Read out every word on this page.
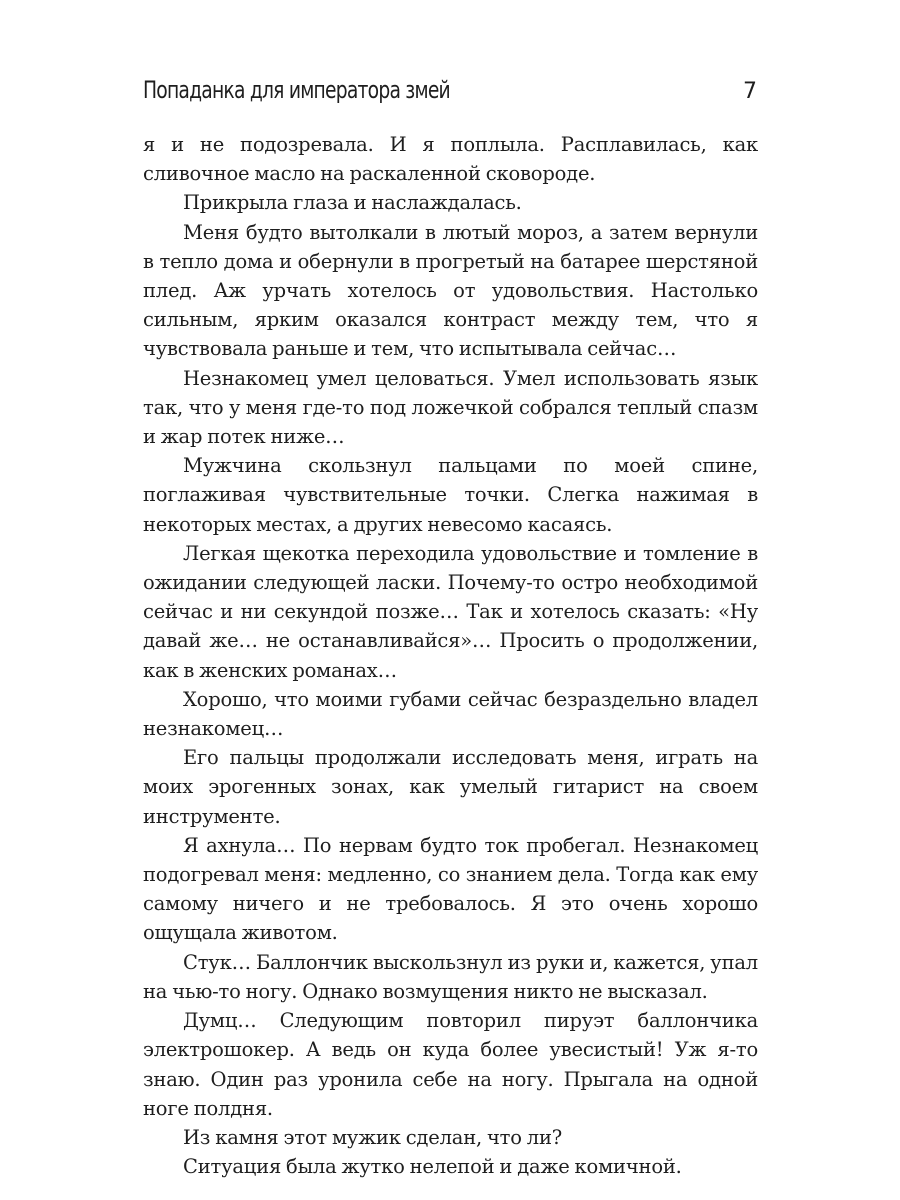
Попаданка для императора змей	7

я и не подозревала. И я поплыла. Расплавилась, как сливочное масло на раскаленной сковороде.

Прикрыла глаза и наслаждалась.

Меня будто вытолкали в лютый мороз, а затем вернули в тепло дома и обернули в прогретый на батарее шерстяной плед. Аж урчать хотелось от удовольствия. Настолько сильным, ярким оказался контраст между тем, что я чувствовала раньше и тем, что испытывала сейчас…

Незнакомец умел целоваться. Умел использовать язык так, что у меня где-то под ложечкой собрался теплый спазм и жар потек ниже…

Мужчина скользнул пальцами по моей спине, поглаживая чувствительные точки. Слегка нажимая в некоторых местах, а других невесомо касаясь.

Легкая щекотка переходила удовольствие и томление в ожидании следующей ласки. Почему-то остро необходимой сейчас и ни секундой позже… Так и хотелось сказать: «Ну давай же… не останавливайся»… Просить о продолжении, как в женских романах…

Хорошо, что моими губами сейчас безраздельно владел незнакомец…

Его пальцы продолжали исследовать меня, играть на моих эрогенных зонах, как умелый гитарист на своем инструменте.

Я ахнула… По нервам будто ток пробегал. Незнакомец подогревал меня: медленно, со знанием дела. Тогда как ему самому ничего и не требовалось. Я это очень хорошо ощущала животом.

Стук… Баллончик выскользнул из руки и, кажется, упал на чью-то ногу. Однако возмущения никто не высказал.

Думц… Следующим повторил пируэт баллончика электрошокер. А ведь он куда более увесистый! Уж я-то знаю. Один раз уронила себе на ногу. Прыгала на одной ноге полдня.

Из камня этот мужик сделан, что ли?

Ситуация была жутко нелепой и даже комичной.
